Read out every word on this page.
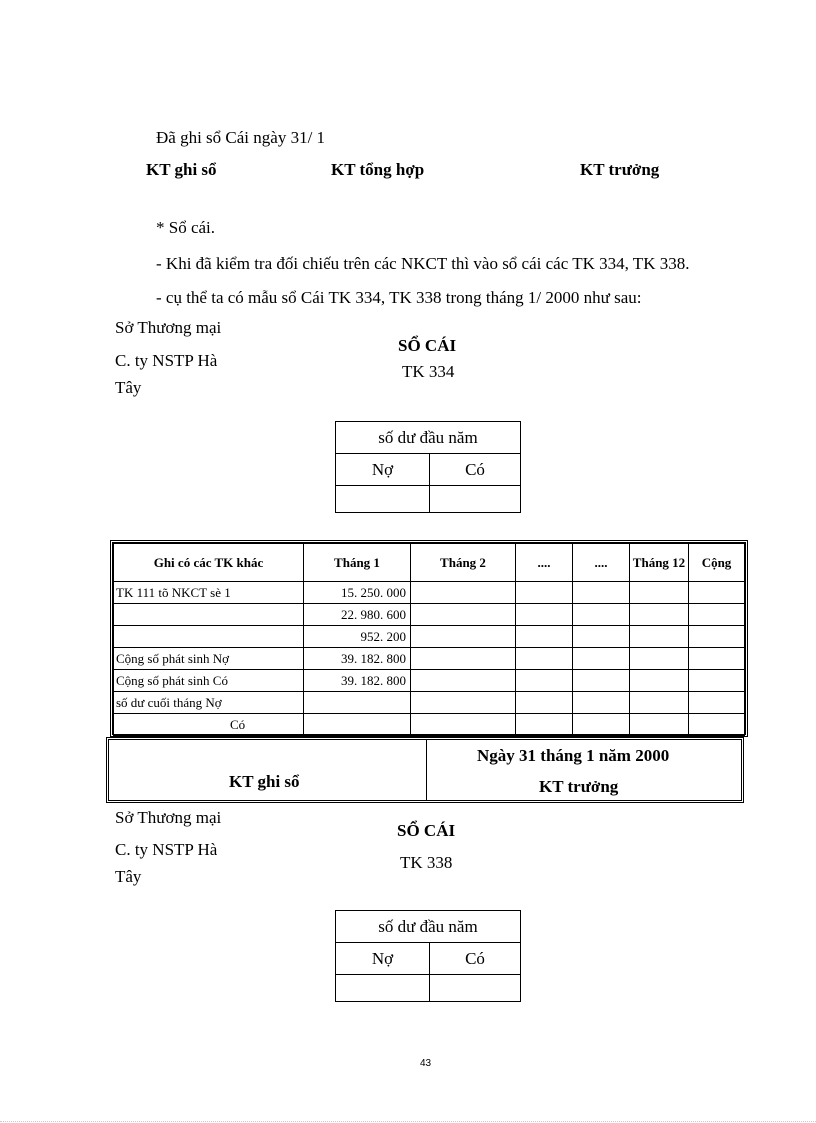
Đã ghi sổ Cái ngày 31/ 1
KT ghi sổ	KT tổng hợp	KT trưởng
* Sổ cái.
- Khi đã kiểm tra đối chiếu trên các NKCT thì vào sổ cái các TK 334, TK 338.
- cụ thể ta có mẫu sổ Cái TK 334, TK 338 trong tháng 1/ 2000 như sau:
Sở Thương mại
C. ty NSTP Hà
Tây
SỔ CÁI
TK 334
số dư đầu năm	
Nợ	Có

Ghi có các TK khác	Tháng 1	Tháng 2	....	....	Tháng 12	Cộng
TK 111 tõ NKCT sè 1	15. 250. 000					
	22. 980. 600					
	952. 200					
Cộng số phát sinh Nợ	39. 182. 800					
Cộng số phát sinh Có	39. 182. 800					
số dư cuối tháng Nợ						
Có						
KT ghi sổ
Ngày 31 tháng 1 năm 2000
KT trưởng
Sở Thương mại
C. ty NSTP Hà
Tây
SỔ CÁI
TK 338
số dư đầu năm	
Nợ	Có

43
